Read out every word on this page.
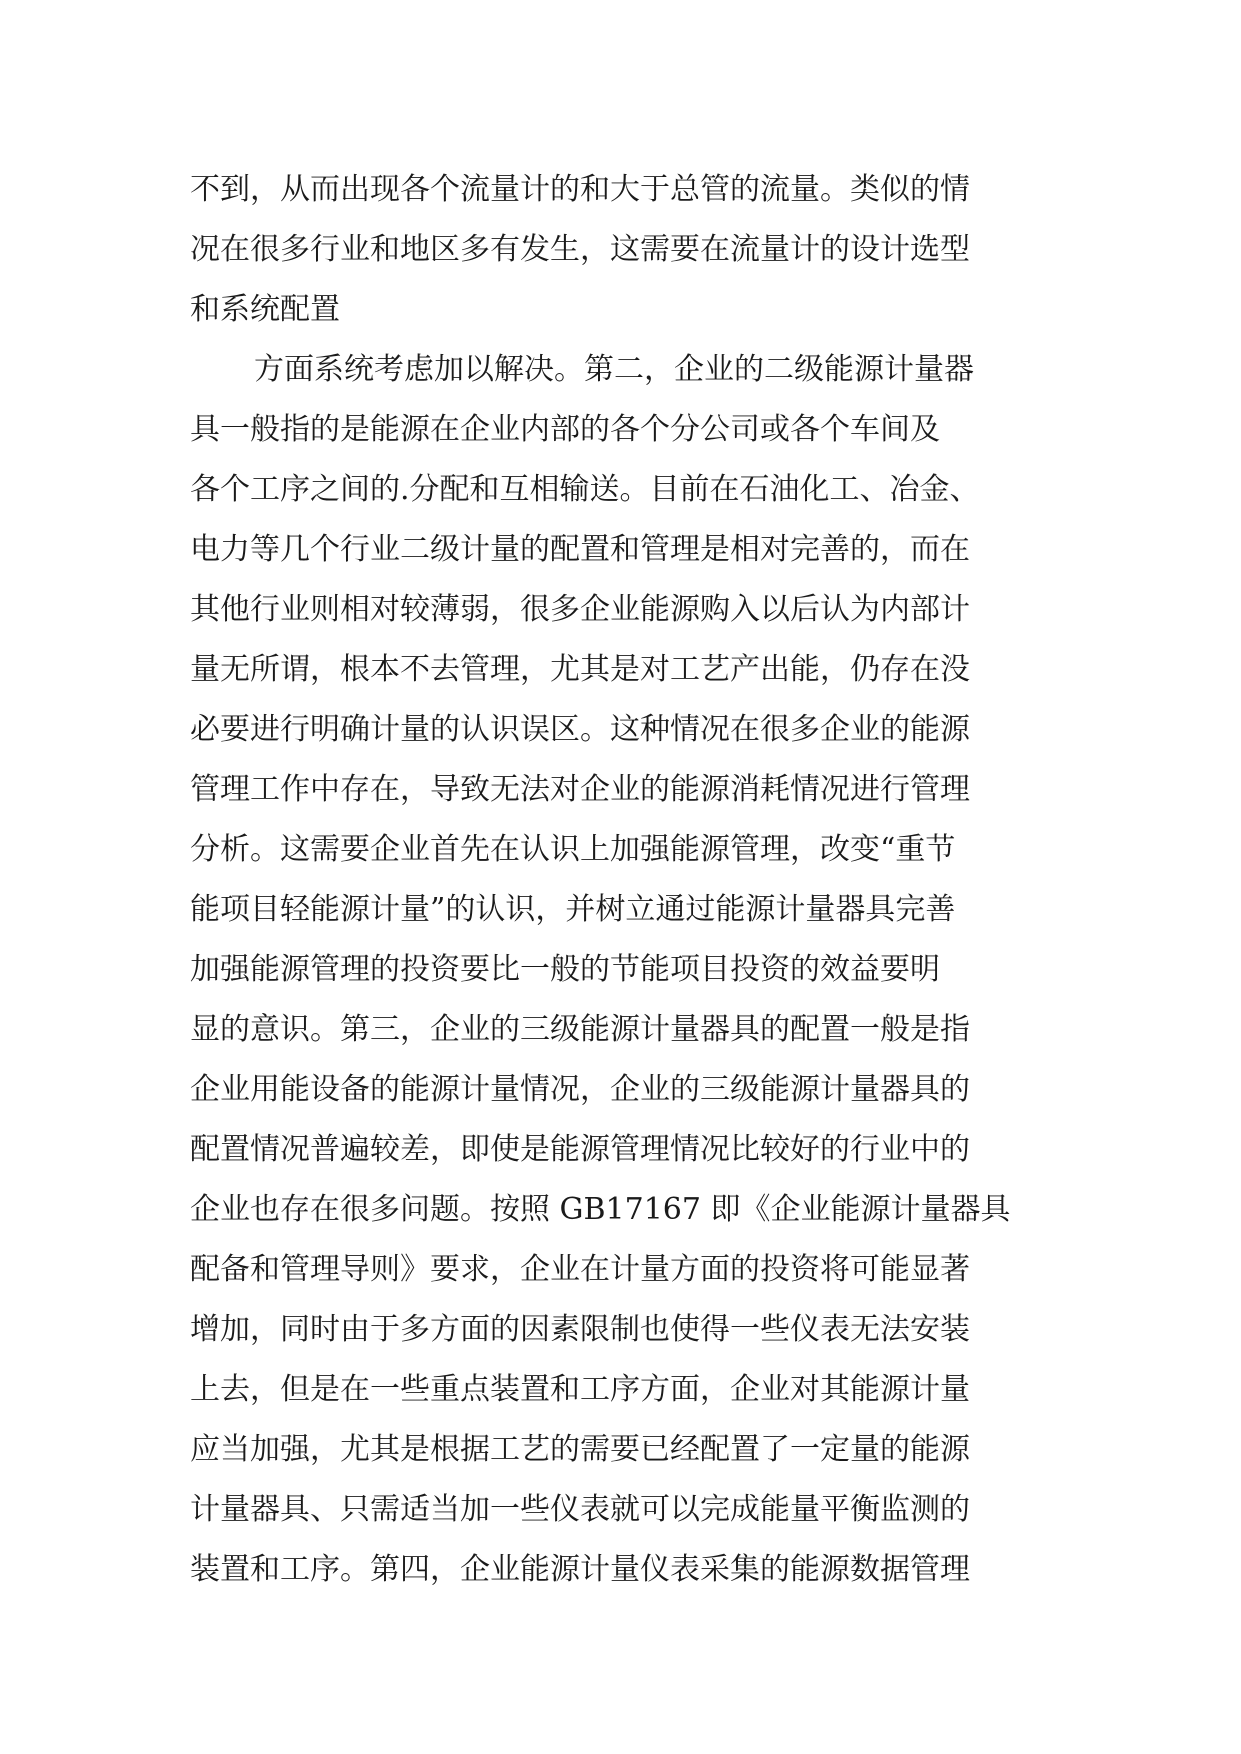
不到，从而出现各个流量计的和大于总管的流量。类似的情
况在很多行业和地区多有发生，这需要在流量计的设计选型
和系统配置
方面系统考虑加以解决。第二，企业的二级能源计量器
具一般指的是能源在企业内部的各个分公司或各个车间及
各个工序之间的.分配和互相输送。目前在石油化工、冶金、
电力等几个行业二级计量的配置和管理是相对完善的，而在
其他行业则相对较薄弱，很多企业能源购入以后认为内部计
量无所谓，根本不去管理，尤其是对工艺产出能，仍存在没
必要进行明确计量的认识误区。这种情况在很多企业的能源
管理工作中存在，导致无法对企业的能源消耗情况进行管理
分析。这需要企业首先在认识上加强能源管理，改变“重节
能项目轻能源计量”的认识，并树立通过能源计量器具完善
加强能源管理的投资要比一般的节能项目投资的效益要明
显的意识。第三，企业的三级能源计量器具的配置一般是指
企业用能设备的能源计量情况，企业的三级能源计量器具的
配置情况普遍较差，即使是能源管理情况比较好的行业中的
企业也存在很多问题。按照 GB17167 即《企业能源计量器具
配备和管理导则》要求，企业在计量方面的投资将可能显著
增加，同时由于多方面的因素限制也使得一些仪表无法安装
上去，但是在一些重点装置和工序方面，企业对其能源计量
应当加强，尤其是根据工艺的需要已经配置了一定量的能源
计量器具、只需适当加一些仪表就可以完成能量平衡监测的
装置和工序。第四，企业能源计量仪表采集的能源数据管理
